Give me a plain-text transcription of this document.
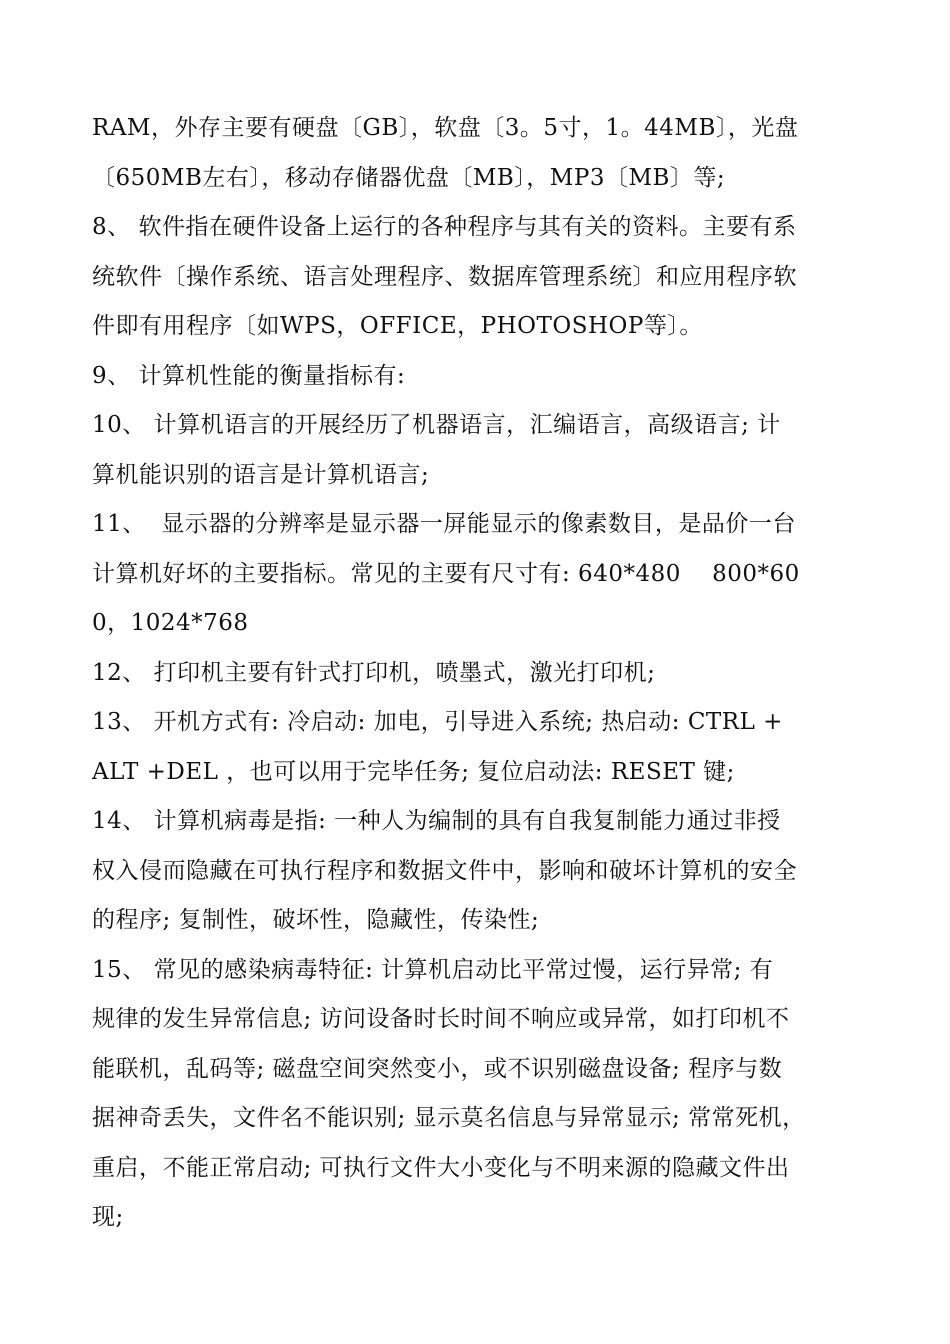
RAM，外存主要有硬盘〔GB〕，软盘〔3。5寸，1。44MB〕，光盘
〔650MB左右〕，移动存储器优盘〔MB〕，MP3〔MB〕等;
8、 软件指在硬件设备上运行的各种程序与其有关的资料。主要有系
统软件〔操作系统、语言处理程序、数据库管理系统〕和应用程序软
件即有用程序〔如WPS，OFFICE，PHOTOSHOP等〕。
9、 计算机性能的衡量指标有:
10、 计算机语言的开展经历了机器语言，汇编语言，高级语言; 计
算机能识别的语言是计算机语言;
11、  显示器的分辨率是显示器一屏能显示的像素数目，是品价一台
计算机好坏的主要指标。常见的主要有尺寸有: 640*480    800*60
0，1024*768
12、 打印机主要有针式打印机，喷墨式，激光打印机;
13、 开机方式有: 冷启动: 加电，引导进入系统; 热启动: CTRL +
ALT +DEL ，也可以用于完毕任务; 复位启动法: RESET 键;
14、 计算机病毒是指: 一种人为编制的具有自我复制能力通过非授
权入侵而隐藏在可执行程序和数据文件中，影响和破坏计算机的安全
的程序; 复制性，破坏性，隐藏性，传染性;
15、 常见的感染病毒特征: 计算机启动比平常过慢，运行异常; 有
规律的发生异常信息; 访问设备时长时间不响应或异常，如打印机不
能联机，乱码等; 磁盘空间突然变小，或不识别磁盘设备; 程序与数
据神奇丢失，文件名不能识别; 显示莫名信息与异常显示; 常常死机，
重启，不能正常启动; 可执行文件大小变化与不明来源的隐藏文件出
现;
